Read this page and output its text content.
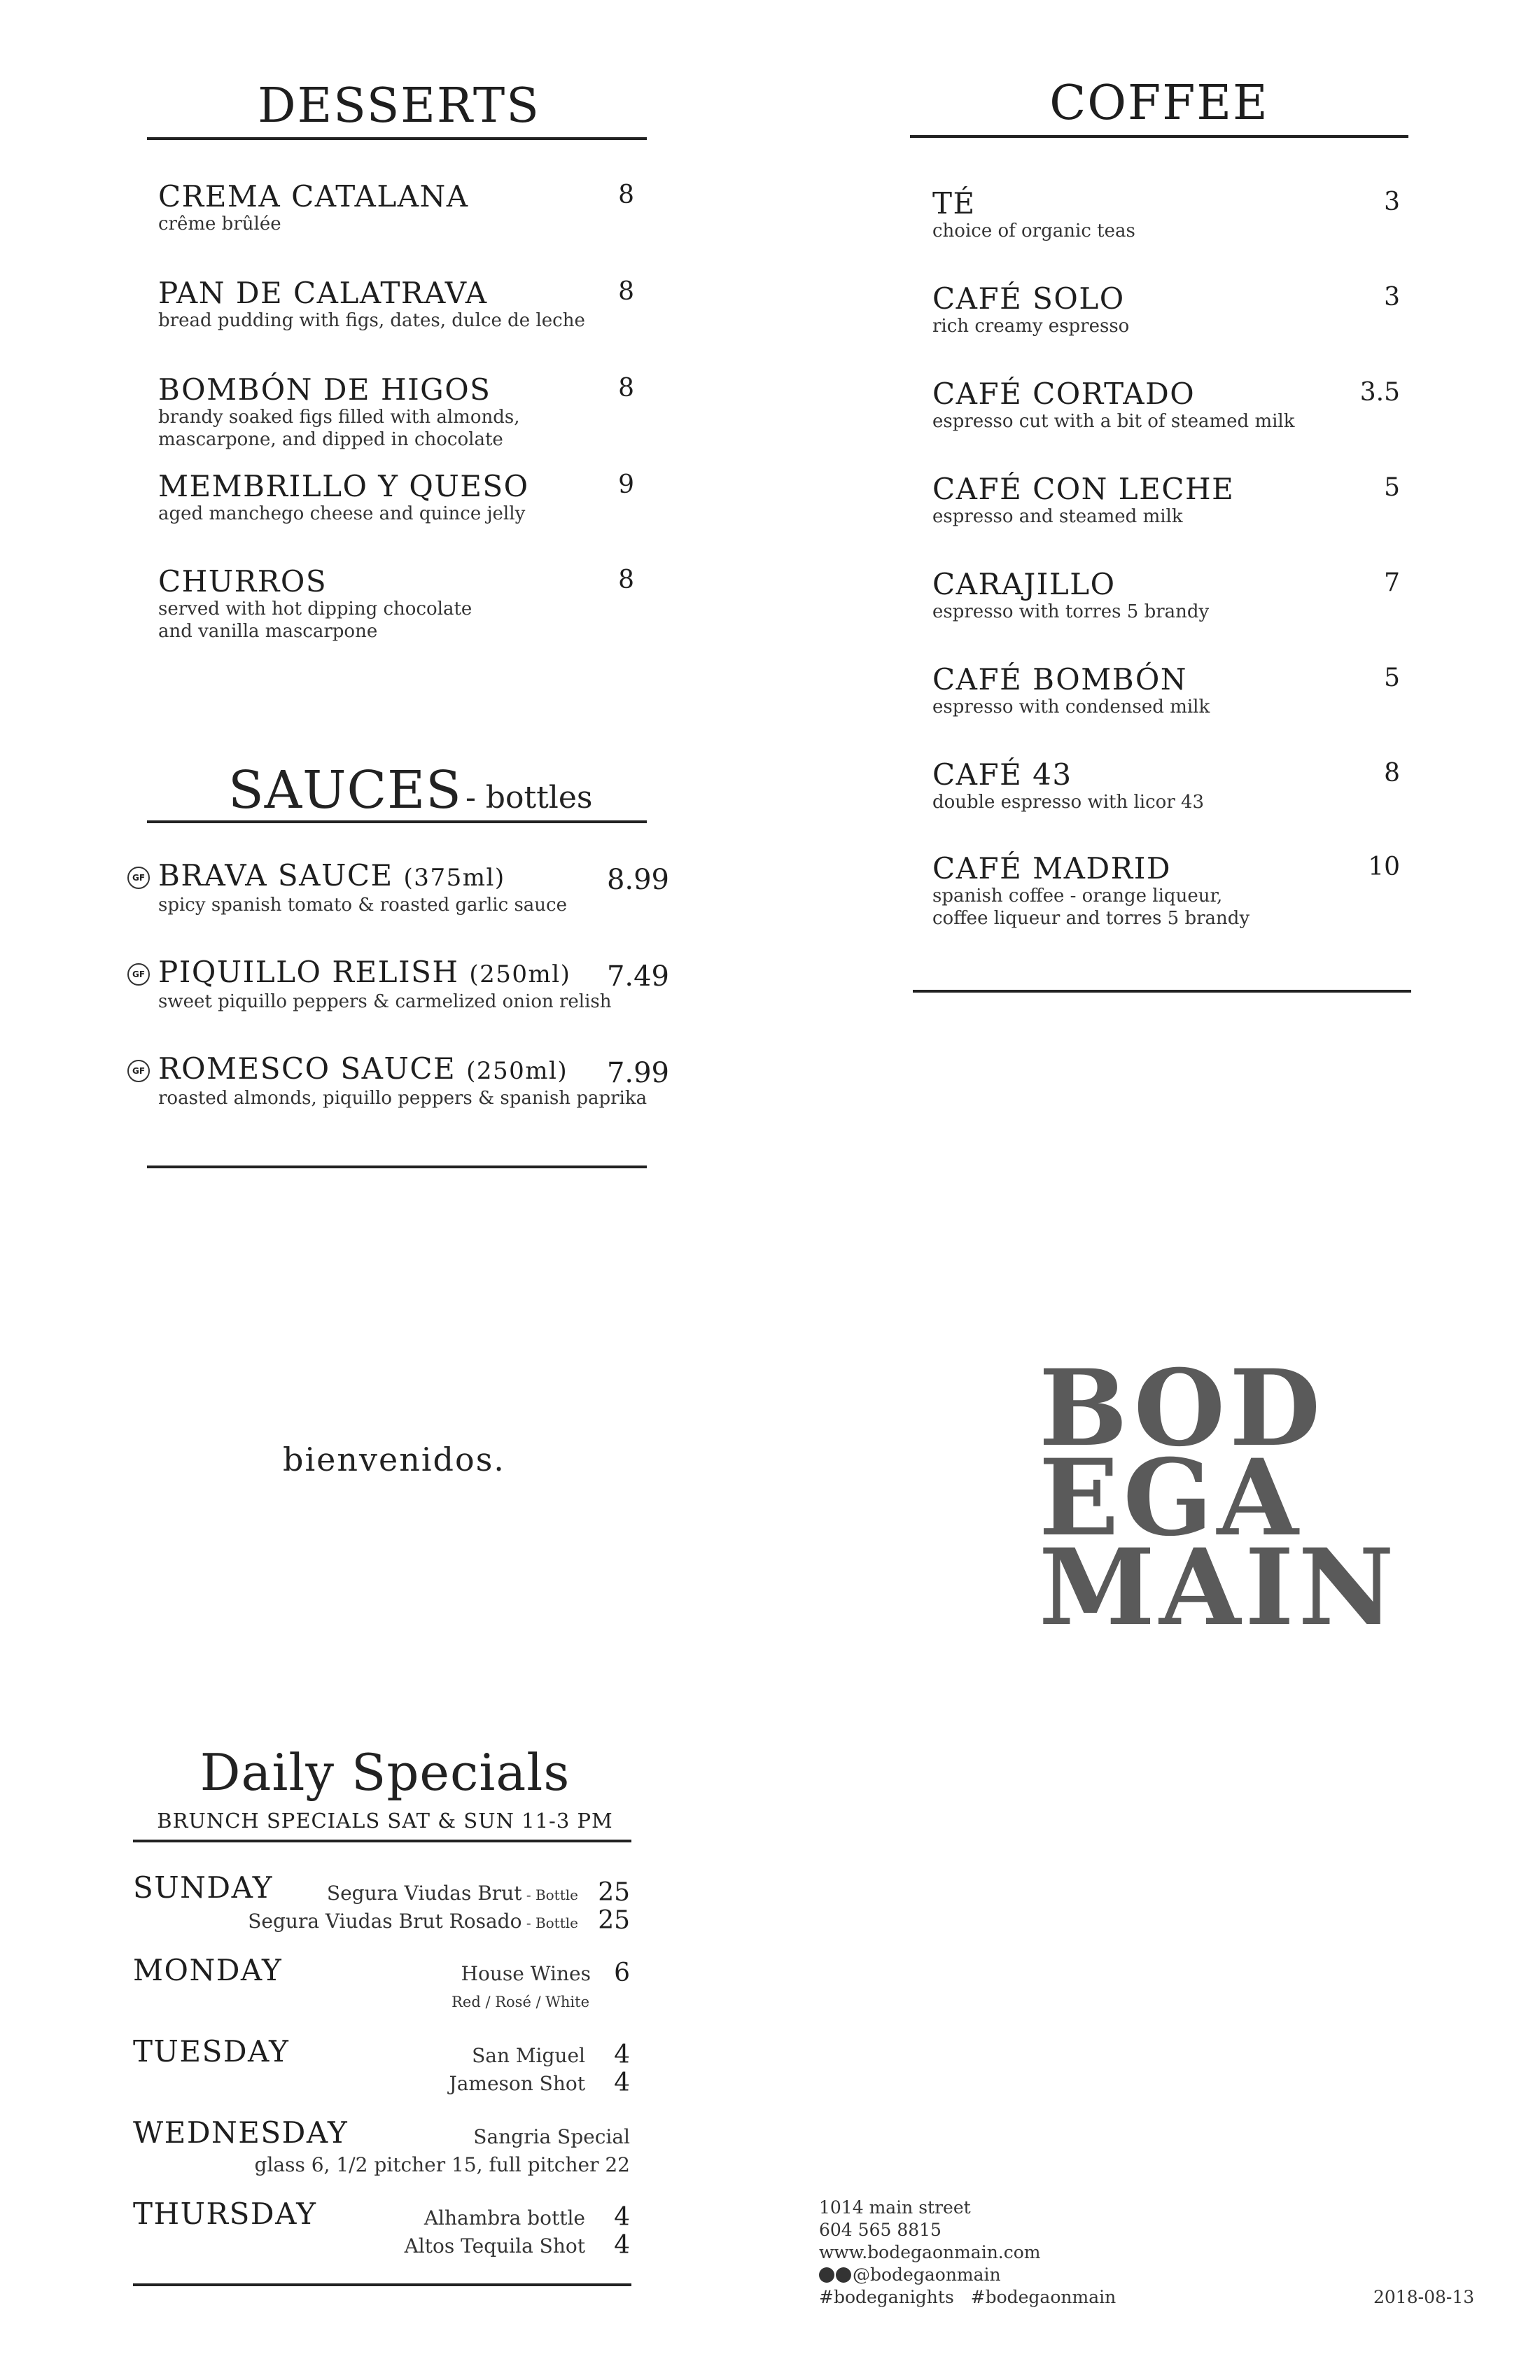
DESSERTS
CREMA CATALANA
crême brûlée
8
PAN DE CALATRAVA
bread pudding with figs, dates, dulce de leche
8
BOMBÓN DE HIGOS
brandy soaked figs filled with almonds,
mascarpone, and dipped in chocolate
8
MEMBRILLO Y QUESO
aged manchego cheese and quince jelly
9
CHURROS
served with hot dipping chocolate
and vanilla mascarpone
8
SAUCES - bottles
GF BRAVA SAUCE (375ml)
spicy spanish tomato & roasted garlic sauce
8.99
GF PIQUILLO RELISH (250ml)
sweet piquillo peppers & carmelized onion relish
7.49
GF ROMESCO SAUCE (250ml)
roasted almonds, piquillo peppers & spanish paprika
7.99
COFFEE
TÉ
choice of organic teas
3
CAFÉ SOLO
rich creamy espresso
3
CAFÉ CORTADO
espresso cut with a bit of steamed milk
3.5
CAFÉ CON LECHE
espresso and steamed milk
5
CARAJILLO
espresso with torres 5 brandy
7
CAFÉ BOMBÓN
espresso with condensed milk
5
CAFÉ 43
double espresso with licor 43
8
CAFÉ MADRID
spanish coffee - orange liqueur,
coffee liqueur and torres 5 brandy
10
bienvenidos.	BOD
EGA
MAIN
Daily Specials
BRUNCH SPECIALS SAT & SUN 11-3 PM
SUNDAY	Segura Viudas Brut - Bottle 25
Segura Viudas Brut Rosado - Bottle 25
MONDAY	House Wines 6
Red / Rosé / White
TUESDAY	San Miguel 4
Jameson Shot 4
WEDNESDAY	Sangria Special
glass 6, 1/2 pitcher 15, full pitcher 22
THURSDAY	Alhambra bottle 4
Altos Tequila Shot 4
1014 main street
604 565 8815
www.bodegaonmain.com
@bodegaonmain
#bodeganights   #bodegaonmain	2018-08-13
